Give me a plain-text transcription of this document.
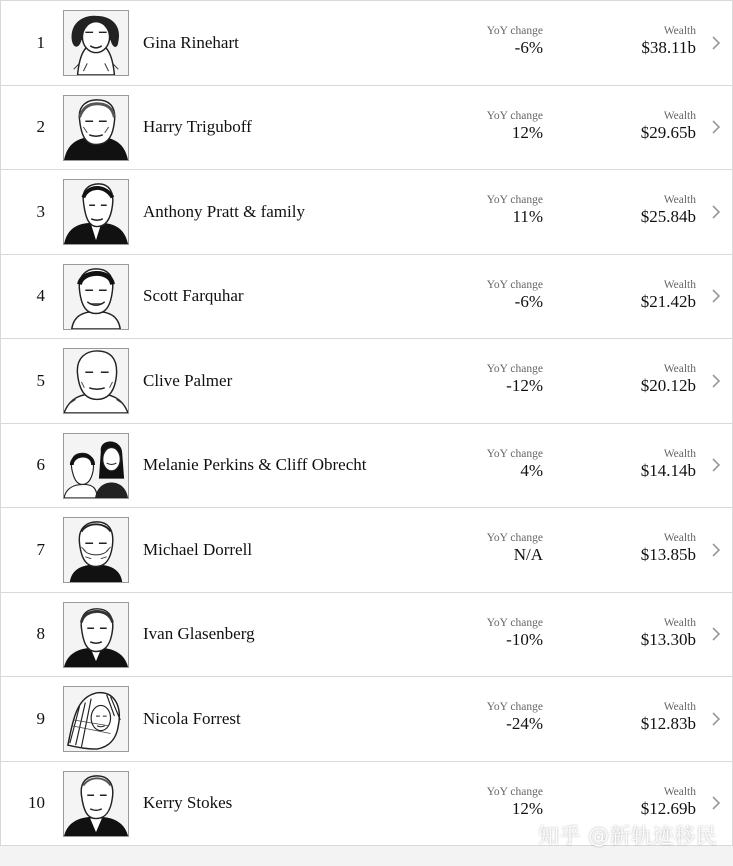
1	Gina Rinehart
YoY change
-6%
Wealth
$38.11b
2	Harry Triguboff
YoY change
12%
Wealth
$29.65b
3	Anthony Pratt & family
YoY change
11%
Wealth
$25.84b
4	Scott Farquhar
YoY change
-6%
Wealth
$21.42b
5	Clive Palmer
YoY change
-12%
Wealth
$20.12b
6	Melanie Perkins & Cliff Obrecht
YoY change
4%
Wealth
$14.14b
7	Michael Dorrell
YoY change
N/A
Wealth
$13.85b
8	Ivan Glasenberg
YoY change
-10%
Wealth
$13.30b
9	Nicola Forrest
YoY change
-24%
Wealth
$12.83b
10	Kerry Stokes
YoY change
12%
Wealth
$12.69b
知乎 @新轨迹移民
